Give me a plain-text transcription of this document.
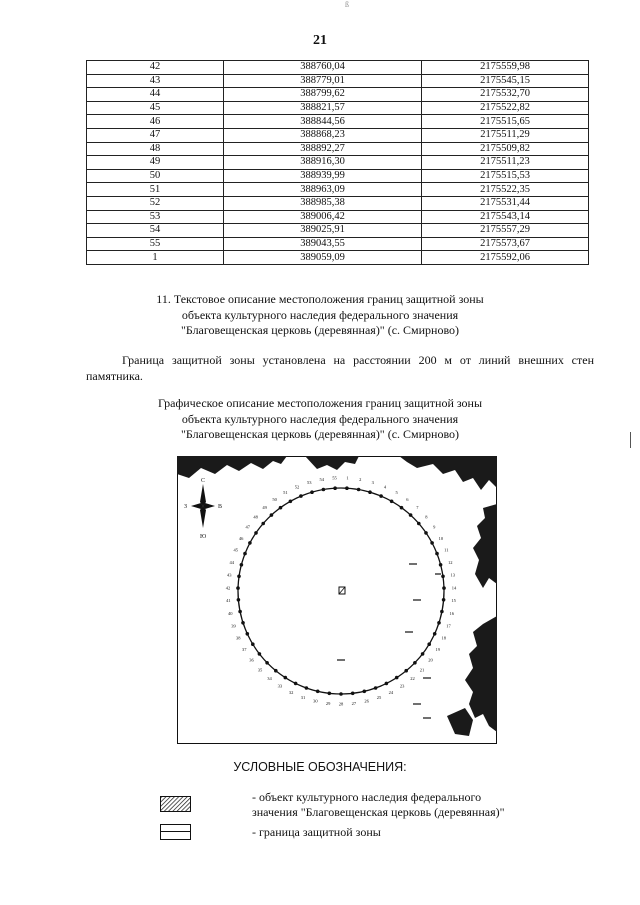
ß
21
42	388760,04	2175559,98
43	388779,01	2175545,15
44	388799,62	2175532,70
45	388821,57	2175522,82
46	388844,56	2175515,65
47	388868,23	2175511,29
48	388892,27	2175509,82
49	388916,30	2175511,23
50	388939,99	2175515,53
51	388963,09	2175522,35
52	388985,38	2175531,44
53	389006,42	2175543,14
54	389025,91	2175557,29
55	389043,55	2175573,67
1	389059,09	2175592,06
11. Текстовое описание местоположения границ защитной зоны
объекта культурного наследия федерального значения
"Благовещенская церковь (деревянная)" (с. Смирново)
Граница защитной зоны установлена на расстоянии 200 м от линий внешних стен памятника.
Графическое описание местоположения границ защитной зоны
объекта культурного наследия федерального значения
"Благовещенская церковь (деревянная)" (с. Смирново)
С
Ю
З	В
1 2
3
4
5
6
7
8
9
10
11
12
13
14
15
16
17
18
19
20
21
22
23
24
25
26
27
28
29
30
31
32
33
34
35
36
37
38
39
40
41
42
43
44
45
46
47
48
49
50
51
52
53
54 55
УСЛОВНЫЕ ОБОЗНАЧЕНИЯ:
- объект культурного наследия федерального
значения "Благовещенская церковь (деревянная)"
- граница защитной зоны
